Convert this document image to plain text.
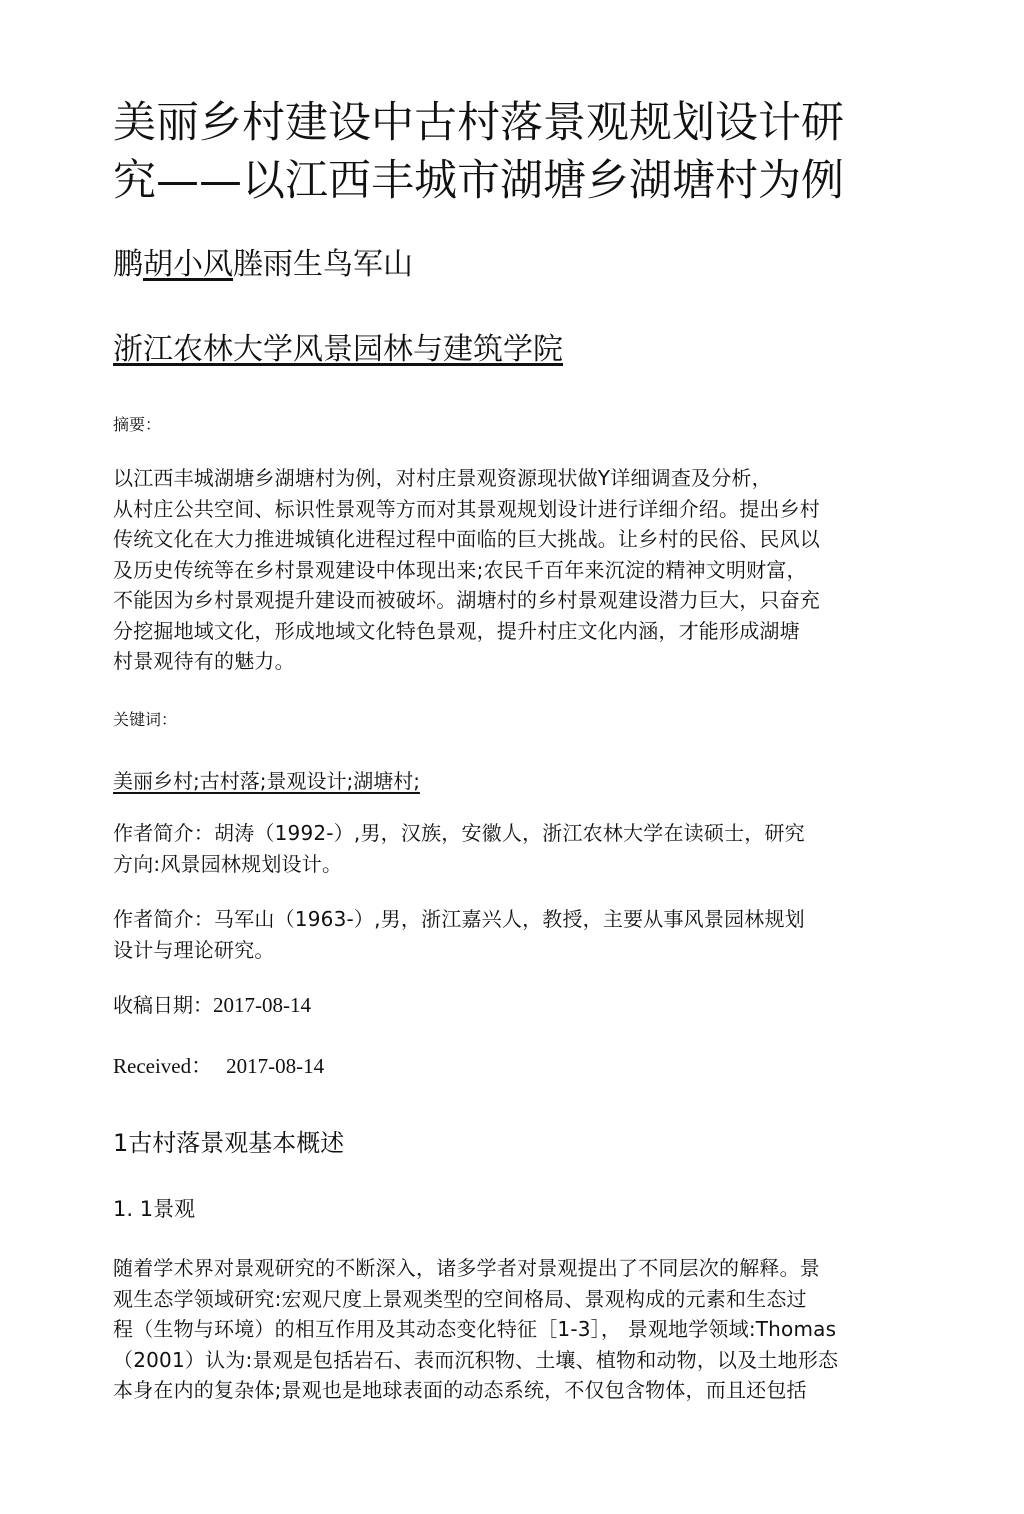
美丽乡村建设中古村落景观规划设计研
究——以江西丰城市湖塘乡湖塘村为例
鹏胡小风塍雨生鸟军山
浙江农林大学风景园林与建筑学院
摘要：
以江西丰城湖塘乡湖塘村为例，对村庄景观资源现状做Y详细调查及分析，
从村庄公共空间、标识性景观等方而对其景观规划设计进行详细介绍。提出乡村
传统文化在大力推进城镇化进程过程中面临的巨大挑战。让乡村的民俗、民风以
及历史传统等在乡村景观建设中体现出来;农民千百年来沉淀的精神文明财富，
不能因为乡村景观提升建设而被破坏。湖塘村的乡村景观建设潜力巨大，只奋充
分挖掘地域文化，形成地域文化特色景观，提升村庄文化内涵，才能形成湖塘
村景观待有的魅力。
关键词：
美丽乡村;古村落;景观设计;湖塘村;
作者简介：胡涛（1992-）,男，汉族，安徽人，浙江农林大学在读硕士，研究
方向:风景园林规划设计。
作者简介：马军山（1963-）,男，浙江嘉兴人，教授，主要从事风景园林规划
设计与理论研究。
收稿日期：2017-08-14
Received： 2017-08-14
1古村落景观基本概述
1. 1景观
随着学术界对景观研究的不断深入，诸多学者对景观提出了不同层次的解释。景
观生态学领域研究:宏观尺度上景观类型的空间格局、景观构成的元素和生态过
程（生物与环境）的相互作用及其动态变化特征［1-3］， 景观地学领域:Thomas
（2001）认为:景观是包括岩石、表而沉积物、土壤、植物和动物，以及土地形态
本身在内的复杂体;景观也是地球表面的动态系统，不仅包含物体，而且还包括
